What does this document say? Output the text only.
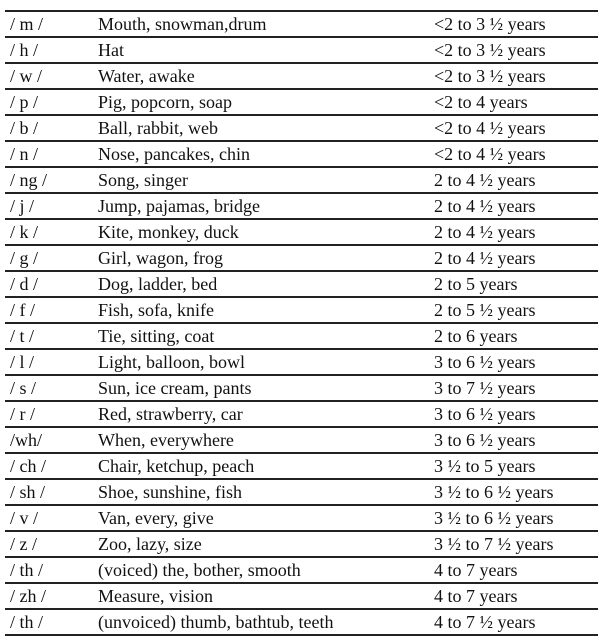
/ m /	Mouth, snowman,drum	<2 to 3 ½ years
/ h /	Hat	<2 to 3 ½ years
/ w /	Water, awake	<2 to 3 ½ years
/ p /	Pig, popcorn, soap	<2 to 4 years
/ b /	Ball, rabbit, web	<2 to 4 ½ years
/ n /	Nose, pancakes, chin	<2 to 4 ½ years
/ ng /	Song, singer	2 to 4 ½ years
/ j /	Jump, pajamas, bridge	2 to 4 ½ years
/ k /	Kite, monkey, duck	2 to 4 ½ years
/ g /	Girl, wagon, frog	2 to 4 ½ years
/ d /	Dog, ladder, bed	2 to 5 years
/ f /	Fish, sofa, knife	2 to 5 ½ years
/ t /	Tie, sitting, coat	2 to 6 years
/ l /	Light, balloon, bowl	3 to 6 ½ years
/ s /	Sun, ice cream, pants	3 to 7 ½ years
/ r /	Red, strawberry, car	3 to 6 ½ years
/wh/	When, everywhere	3 to 6 ½ years
/ ch /	Chair, ketchup, peach	3 ½ to 5 years
/ sh /	Shoe, sunshine, fish	3 ½ to 6 ½ years
/ v /	Van, every, give	3 ½ to 6 ½ years
/ z /	Zoo, lazy, size	3 ½ to 7 ½ years
/ th /	(voiced) the, bother, smooth	4 to 7 years
/ zh /	Measure, vision	4 to 7 years
/ th /	(unvoiced) thumb, bathtub, teeth	4 to 7 ½ years
